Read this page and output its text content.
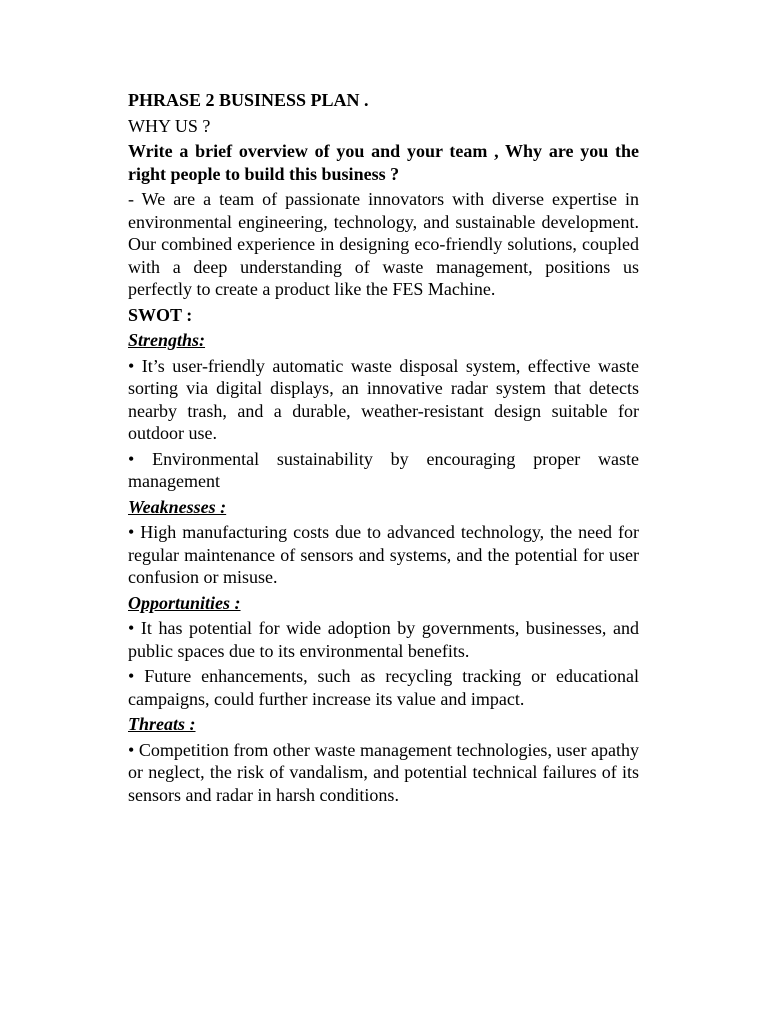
PHRASE 2 BUSINESS PLAN .
WHY US ?
Write a brief overview of you and your team , Why are you the right people to build this business ?
- We are a team of passionate innovators with diverse expertise in environmental engineering, technology, and sustainable development. Our combined experience in designing eco-friendly solutions, coupled with a deep understanding of waste management, positions us perfectly to create a product like the FES Machine.
SWOT :
Strengths:
• It’s user-friendly automatic waste disposal system, effective waste sorting via digital displays, an innovative radar system that detects nearby trash, and a durable, weather-resistant design suitable for outdoor use.
• Environmental sustainability by encouraging proper waste management
Weaknesses :
• High manufacturing costs due to advanced technology, the need for regular maintenance of sensors and systems, and the potential for user confusion or misuse.
Opportunities :
• It has potential for wide adoption by governments, businesses, and public spaces due to its environmental benefits.
• Future enhancements, such as recycling tracking or educational campaigns, could further increase its value and impact.
Threats :
• Competition from other waste management technologies, user apathy or neglect, the risk of vandalism, and potential technical failures of its sensors and radar in harsh conditions.
